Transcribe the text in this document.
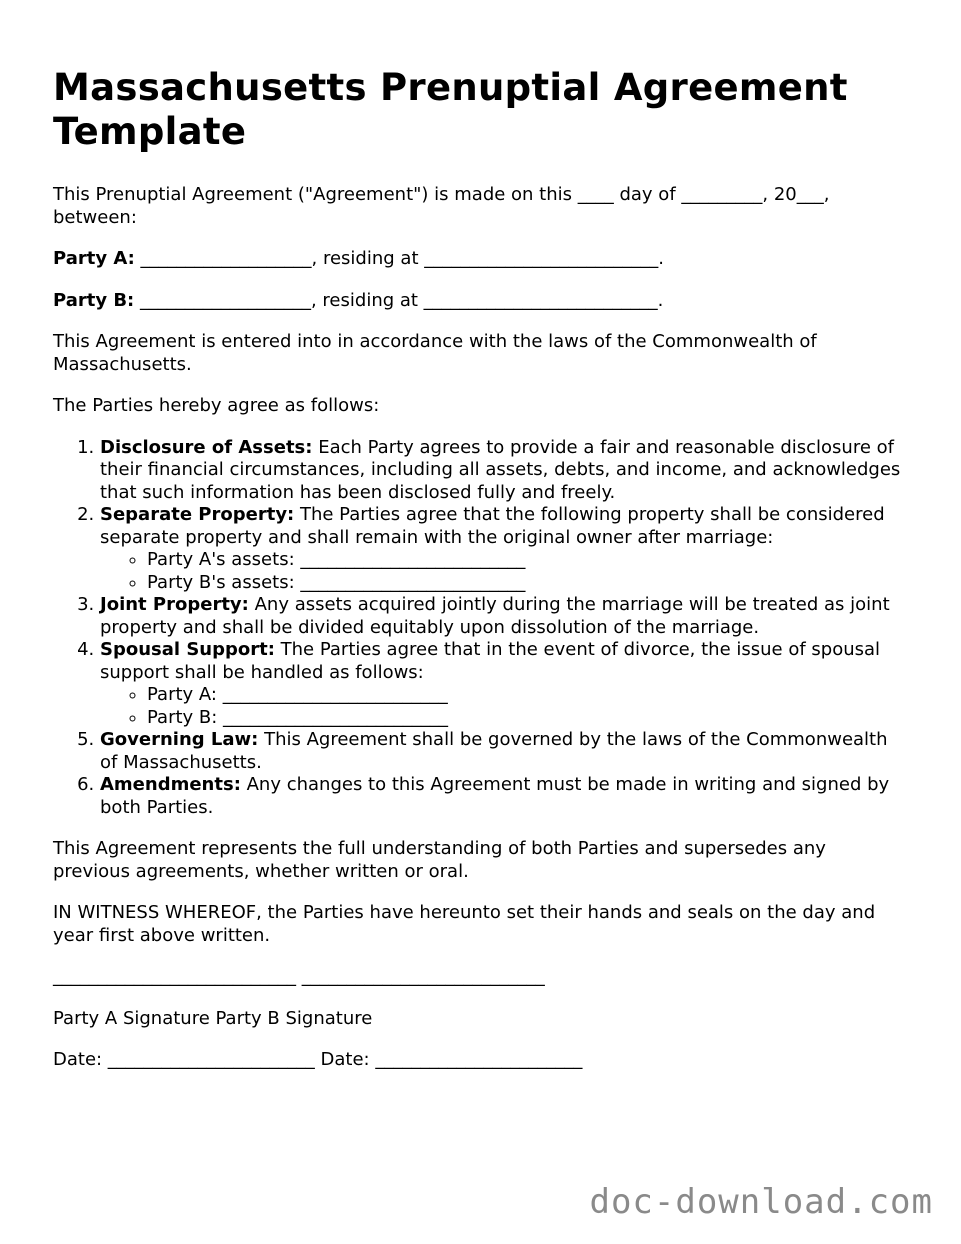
Massachusetts Prenuptial Agreement Template

This Prenuptial Agreement ("Agreement") is made on this ____ day of _________, 20___, between:

Party A: ___________________, residing at __________________________.

Party B: ___________________, residing at __________________________.

This Agreement is entered into in accordance with the laws of the Commonwealth of Massachusetts.

The Parties hereby agree as follows:

1. Disclosure of Assets: Each Party agrees to provide a fair and reasonable disclosure of their financial circumstances, including all assets, debts, and income, and acknowledges that such information has been disclosed fully and freely.
2. Separate Property: The Parties agree that the following property shall be considered separate property and shall remain with the original owner after marriage:
◦ Party A's assets: _________________________
◦ Party B's assets: _________________________
3. Joint Property: Any assets acquired jointly during the marriage will be treated as joint property and shall be divided equitably upon dissolution of the marriage.
4. Spousal Support: The Parties agree that in the event of divorce, the issue of spousal support shall be handled as follows:
◦ Party A: _________________________
◦ Party B: _________________________
5. Governing Law: This Agreement shall be governed by the laws of the Commonwealth of Massachusetts.
6. Amendments: Any changes to this Agreement must be made in writing and signed by both Parties.

This Agreement represents the full understanding of both Parties and supersedes any previous agreements, whether written or oral.

IN WITNESS WHEREOF, the Parties have hereunto set their hands and seals on the day and year first above written.

___________________________ ___________________________

Party A Signature Party B Signature

Date: _______________________ Date: _______________________

doc-download.com
